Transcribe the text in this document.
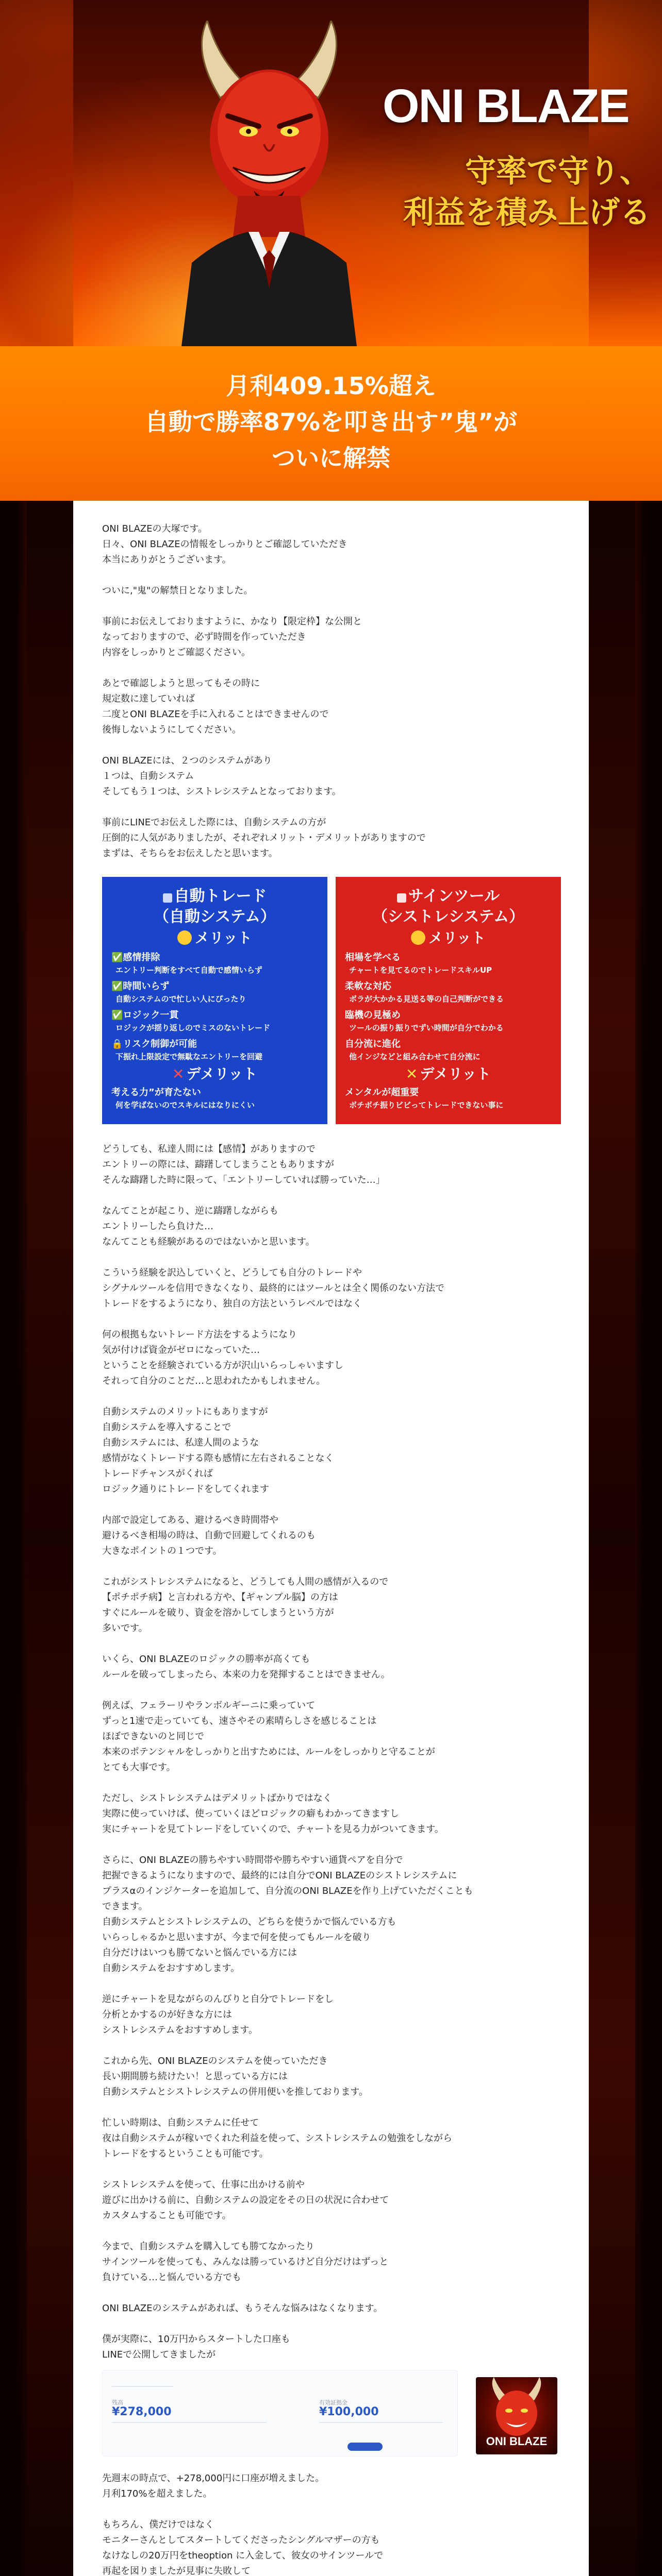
ONI BLAZE
守率で守り、
利益を積み上げる
月利409.15%超え
自動で勝率87%を叩き出す”鬼”が
ついに解禁
ONI BLAZEの大塚です。
日々、ONI BLAZEの情報をしっかりとご確認していただき
本当にありがとうございます。
ついに,"鬼"の解禁日となりました。
事前にお伝えしておりますように、かなり【限定枠】な公開と
なっておりますので、必ず時間を作っていただき
内容をしっかりとご確認ください。
あとで確認しようと思ってもその時に
規定数に達していれば
二度とONI BLAZEを手に入れることはできませんので
後悔しないようにしてください。
ONI BLAZEには、２つのシステムがあり
１つは、自動システム
そしてもう１つは、シストレシステムとなっております。
事前にLINEでお伝えした際には、自動システムの方が
圧倒的に人気がありましたが、それぞれメリット・デメリットがありますので
まずは、そちらをお伝えしたと思います。
自動トレード
（自動システム）
メリット
✅感情排除
エントリー判断をすべて自動で感情いらず
✅時間いらず
自動システムので忙しい人にぴったり
✅ロジック一貫
ロジックが揺り返しのでミスのないトレード
🔒リスク制御が可能
下振れ上限設定で無駄なエントリーを回避
✕ デメリット
考える力”が育たない
何を学ばないのでスキルにはなりにくい
サインツール
（シストレシステム）
メリット
相場を学べる
チャートを見てるのでトレードスキルUP
柔軟な対応
ボラが大かかる見送る等の自己判断ができる
臨機の見極め
ツールの振り振りでずい時間が自分でわかる
自分流に進化
他インジなどと組み合わせて自分流に
✕ デメリット
メンタルが超重要
ボチボチ振りビビってトレードできない事に
どうしても、私達人間には【感情】がありますので
エントリーの際には、躊躇してしまうこともありますが
そんな躊躇した時に限って、「エントリーしていれば勝っていた…」
なんてことが起こり、逆に躊躇しながらも
エントリーしたら負けた…
なんてことも経験があるのではないかと思います。
こういう経験を訳込していくと、どうしても自分のトレードや
シグナルツールを信用できなくなり、最終的にはツールとは全く関係のない方法で
トレードをするようになり、独自の方法というレベルではなく
何の根拠もないトレード方法をするようになり
気が付けば資金がゼロになっていた…
ということを経験されている方が沢山いらっしゃいますし
それって自分のことだ…と思われたかもしれません。
自動システムのメリットにもありますが
自動システムを導入することで
自動システムには、私達人間のような
感情がなくトレードする際も感情に左右されることなく
トレードチャンスがくれば
ロジック通りにトレードをしてくれます
内部で設定してある、避けるべき時間帯や
避けるべき相場の時は、自動で回避してくれるのも
大きなポイントの１つです。
これがシストレシステムになると、どうしても人間の感情が入るので
【ポチポチ病】と言われる方や、【ギャンブル脳】の方は
すぐにルールを破り、資金を溶かしてしまうという方が
多いです。
いくら、ONI BLAZEのロジックの勝率が高くても
ルールを破ってしまったら、本来の力を発揮することはできません。
例えば、フェラーリやランボルギーニに乗っていて
ずっと1速で走っていても、速さやその素晴らしさを感じることは
ほぼできないのと同じで
本来のポテンシャルをしっかりと出すためには、ルールをしっかりと守ることが
とても大事です。
ただし、シストレシステムはデメリットばかりではなく
実際に使っていけば、使っていくほどロジックの癖もわかってきますし
実にチャートを見てトレードをしていくので、チャートを見る力がついてきます。
さらに、ONI BLAZEの勝ちやすい時間帯や勝ちやすい通貨ペアを自分で
把握できるようになりますので、最終的には自分でONI BLAZEのシストレシステムに
プラスαのインジケーターを追加して、自分流のONI BLAZEを作り上げていただくことも
できます。
自動システムとシストレシステムの、どちらを使うかで悩んでいる方も
いらっしゃるかと思いますが、今まで何を使ってもルールを破り
自分だけはいつも勝てないと悩んでいる方には
自動システムをおすすめします。
逆にチャートを見ながらのんびりと自分でトレードをし
分析とかするのが好きな方には
シストレシステムをおすすめします。
これから先、ONI BLAZEのシステムを使っていただき
長い期間勝ち続けたい！と思っている方には
自動システムとシストレシステムの併用便いを推しております。
忙しい時期は、自動システムに任せて
夜は自動システムが稼いでくれた利益を使って、シストレシステムの勉強をしながら
トレードをするということも可能です。
シストレシステムを使って、仕事に出かける前や
遊びに出かける前に、自動システムの設定をその日の状況に合わせて
カスタムすることも可能です。
今まで、自動システムを購入しても勝てなかったり
サインツールを使っても、みんなは勝っているけど自分だけはずっと
負けている…と悩んでいる方でも
ONI BLAZEのシステムがあれば、もうそんな悩みはなくなります。
僕が実際に、10万円からスタートした口座も
LINEで公開してきましたが
残高
¥278,000
有効証拠金
¥100,000
ONI BLAZE
先週末の時点で、+278,000円に口座が増えました。
月利170%を超えました。
もちろん、僕だけではなく
モニターさんとしてスタートしてくださったシングルマザーの方も
なけなしの20万円をtheoption に入金して、彼女のサインツールで
再起を図りましたが見事に失敗して
